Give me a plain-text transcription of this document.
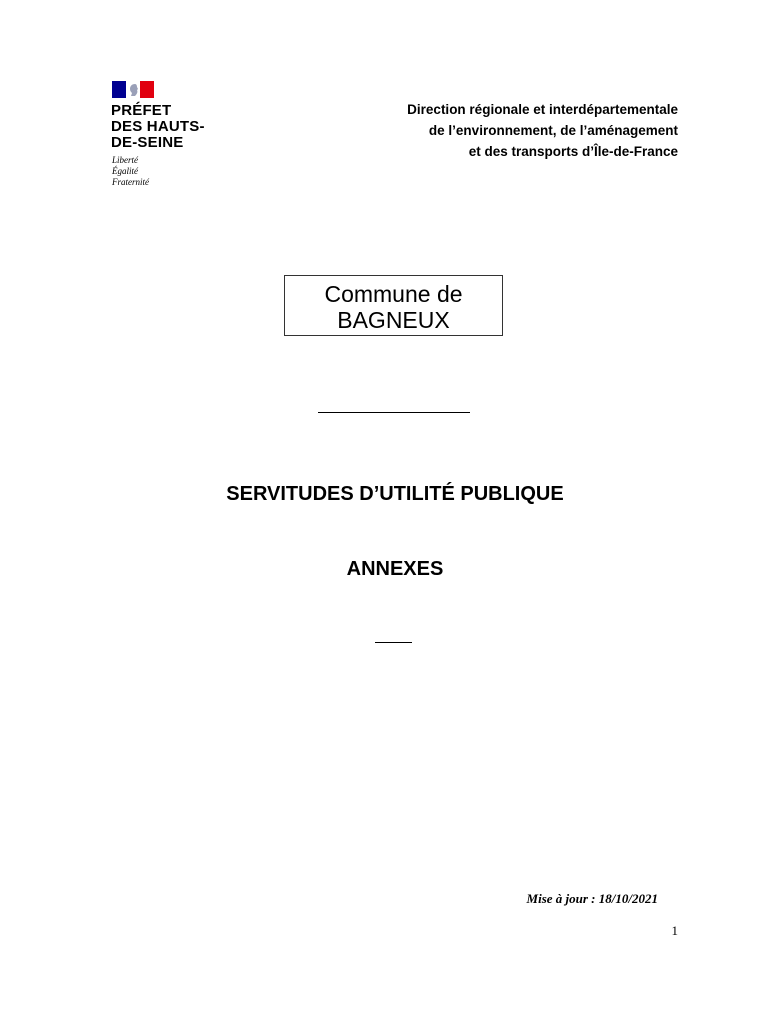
PRÉFET
DES HAUTS-
DE-SEINE
Liberté
Égalité
Fraternité
Direction régionale et interdépartementale
de l’environnement, de l’aménagement
et des transports d’Île-de-France
Commune de
BAGNEUX
SERVITUDES D’UTILITÉ PUBLIQUE
ANNEXES
Mise à jour : 18/10/2021
1
